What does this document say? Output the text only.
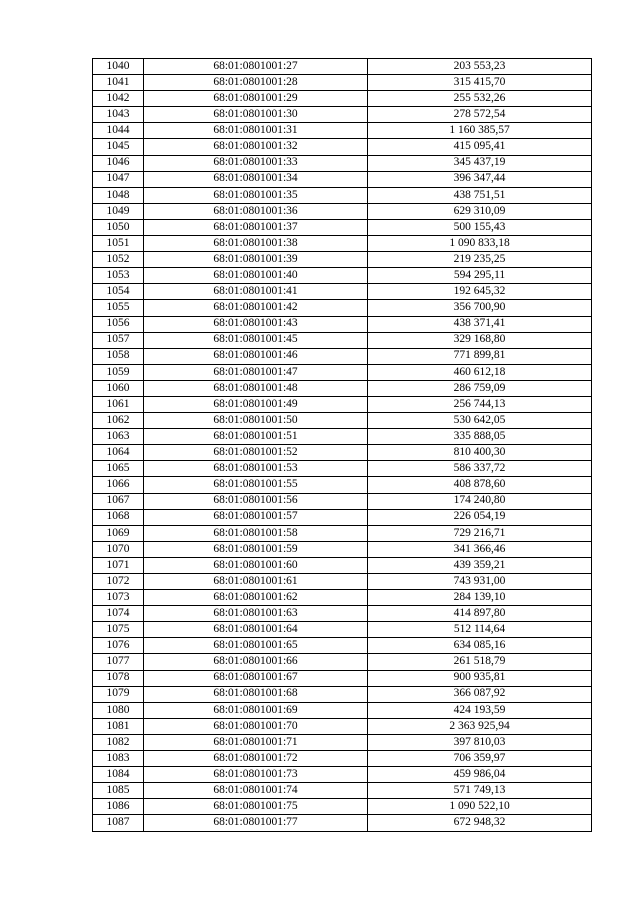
1040	68:01:0801001:27	203 553,23
1041	68:01:0801001:28	315 415,70
1042	68:01:0801001:29	255 532,26
1043	68:01:0801001:30	278 572,54
1044	68:01:0801001:31	1 160 385,57
1045	68:01:0801001:32	415 095,41
1046	68:01:0801001:33	345 437,19
1047	68:01:0801001:34	396 347,44
1048	68:01:0801001:35	438 751,51
1049	68:01:0801001:36	629 310,09
1050	68:01:0801001:37	500 155,43
1051	68:01:0801001:38	1 090 833,18
1052	68:01:0801001:39	219 235,25
1053	68:01:0801001:40	594 295,11
1054	68:01:0801001:41	192 645,32
1055	68:01:0801001:42	356 700,90
1056	68:01:0801001:43	438 371,41
1057	68:01:0801001:45	329 168,80
1058	68:01:0801001:46	771 899,81
1059	68:01:0801001:47	460 612,18
1060	68:01:0801001:48	286 759,09
1061	68:01:0801001:49	256 744,13
1062	68:01:0801001:50	530 642,05
1063	68:01:0801001:51	335 888,05
1064	68:01:0801001:52	810 400,30
1065	68:01:0801001:53	586 337,72
1066	68:01:0801001:55	408 878,60
1067	68:01:0801001:56	174 240,80
1068	68:01:0801001:57	226 054,19
1069	68:01:0801001:58	729 216,71
1070	68:01:0801001:59	341 366,46
1071	68:01:0801001:60	439 359,21
1072	68:01:0801001:61	743 931,00
1073	68:01:0801001:62	284 139,10
1074	68:01:0801001:63	414 897,80
1075	68:01:0801001:64	512 114,64
1076	68:01:0801001:65	634 085,16
1077	68:01:0801001:66	261 518,79
1078	68:01:0801001:67	900 935,81
1079	68:01:0801001:68	366 087,92
1080	68:01:0801001:69	424 193,59
1081	68:01:0801001:70	2 363 925,94
1082	68:01:0801001:71	397 810,03
1083	68:01:0801001:72	706 359,97
1084	68:01:0801001:73	459 986,04
1085	68:01:0801001:74	571 749,13
1086	68:01:0801001:75	1 090 522,10
1087	68:01:0801001:77	672 948,32
